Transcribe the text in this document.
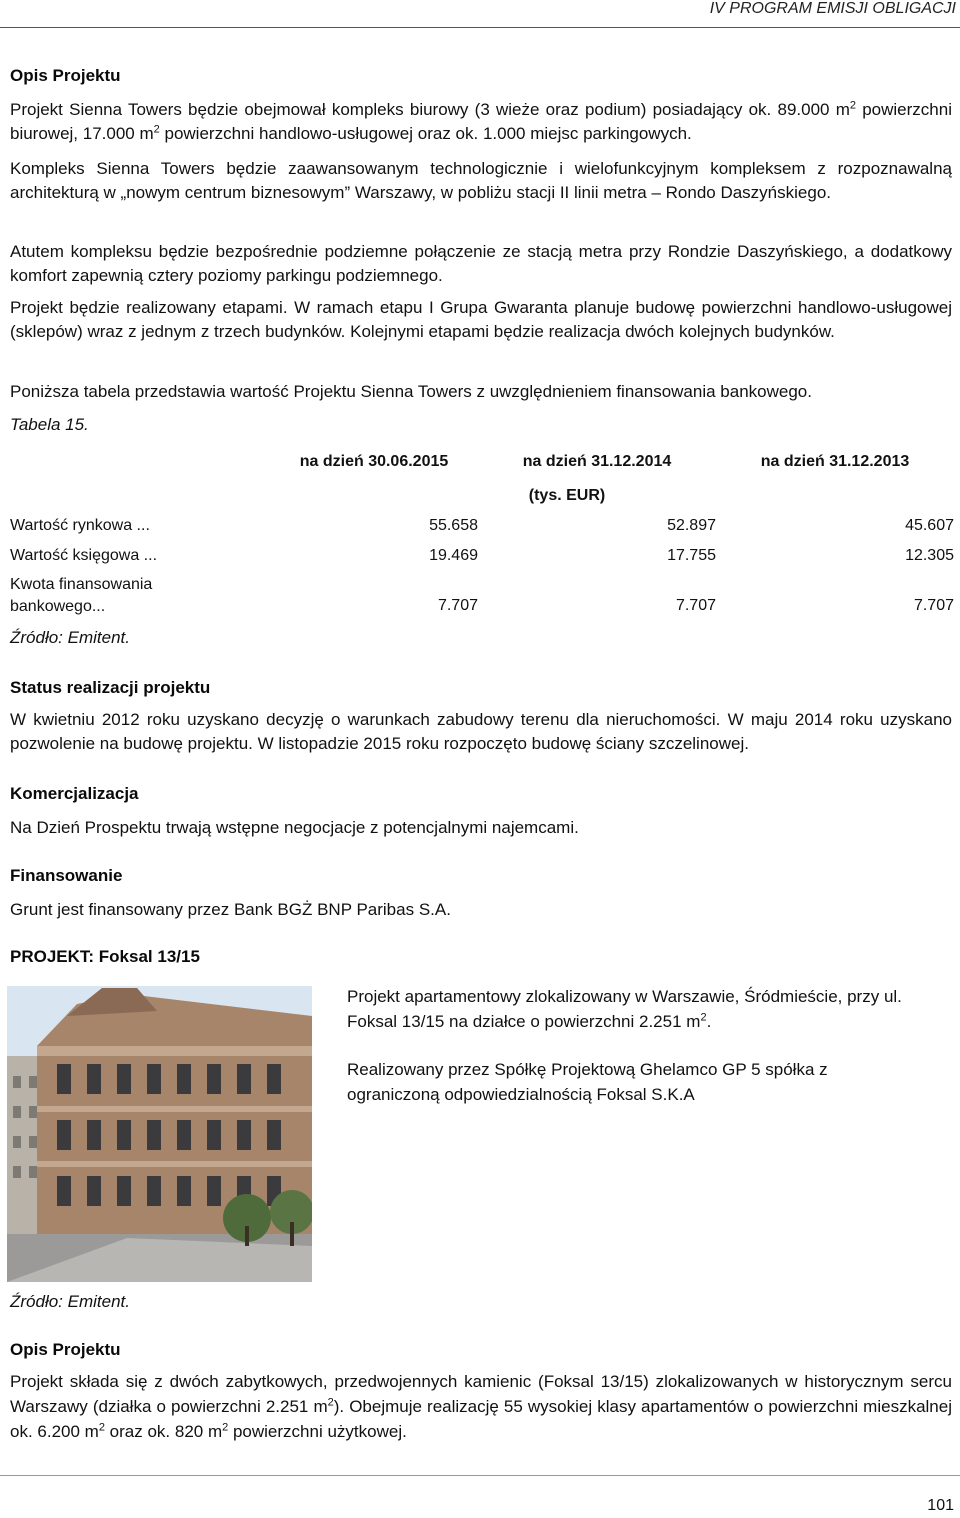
IV PROGRAM EMISJI OBLIGACJI
Opis Projektu
Projekt Sienna Towers będzie obejmował kompleks biurowy (3 wieże oraz podium) posiadający ok. 89.000 $m^2$ powierzchni biurowej, 17.000 $m^2$ powierzchni handlowo-usługowej oraz ok. 1.000 miejsc parkingowych.
Kompleks Sienna Towers będzie zaawansowanym technologicznie i wielofunkcyjnym kompleksem z rozpoznawalną architekturą w „nowym centrum biznesowym” Warszawy, w pobliżu stacji II linii metra – Rondo Daszyńskiego.
Atutem kompleksu będzie bezpośrednie podziemne połączenie ze stacją metra przy Rondzie Daszyńskiego, a dodatkowy komfort zapewnią cztery poziomy parkingu podziemnego.
Projekt będzie realizowany etapami. W ramach etapu I Grupa Gwaranta planuje budowę powierzchni handlowo-usługowej (sklepów) wraz z jednym z trzech budynków. Kolejnymi etapami będzie realizacja dwóch kolejnych budynków.
Poniższa tabela przedstawia wartość Projektu Sienna Towers z uwzględnieniem finansowania bankowego.
Tabela 15.
	na dzień 30.06.2015	na dzień 31.12.2014	na dzień 31.12.2013
	(tys. EUR)		
Wartość rynkowa ...	55.658	52.897	45.607
Wartość księgowa ...	19.469	17.755	12.305

Kwota finansowania
bankowego...	7.707	7.707	7.707
Źródło: Emitent.
Status realizacji projektu
W kwietniu 2012 roku uzyskano decyzję o warunkach zabudowy terenu dla nieruchomości. W maju 2014 roku uzyskano pozwolenie na budowę projektu. W listopadzie 2015 roku rozpoczęto budowę ściany szczelinowej.
Komercjalizacja
Na Dzień Prospektu trwają wstępne negocjacje z potencjalnymi najemcami.
Finansowanie
Grunt jest finansowany przez Bank BGŻ BNP Paribas S.A.
PROJEKT: Foksal 13/15
Projekt apartamentowy zlokalizowany w Warszawie, Śródmieście, przy ul. Foksal 13/15 na działce o powierzchni 2.251 $m^2$.
Realizowany przez Spółkę Projektową Ghelamco GP 5 spółka z ograniczoną odpowiedzialnością Foksal S.K.A
Źródło: Emitent.
Opis Projektu
Projekt składa się z dwóch zabytkowych, przedwojennych kamienic (Foksal 13/15) zlokalizowanych w historycznym sercu Warszawy (działka o powierzchni 2.251 $m^2$). Obejmuje realizację 55 wysokiej klasy apartamentów o powierzchni mieszkalnej ok. 6.200 $m^2$ oraz ok. 820 $m^2$ powierzchni użytkowej.
101
